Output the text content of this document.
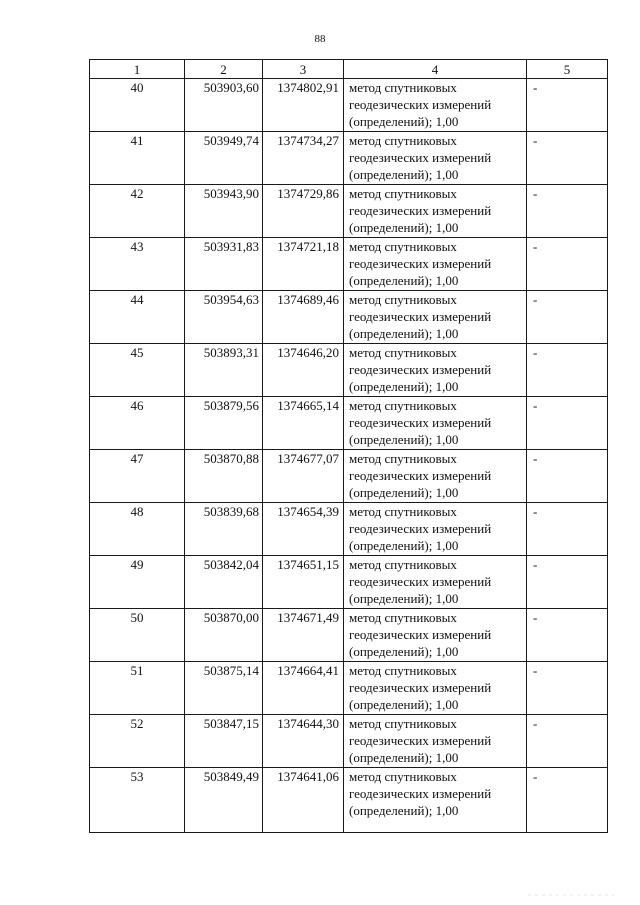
88
1	2	3	4	5
40	503903,60	1374802,91	метод спутниковых
геодезических измерений
(определений); 1,00	-
41	503949,74	1374734,27	метод спутниковых
геодезических измерений
(определений); 1,00	-
42	503943,90	1374729,86	метод спутниковых
геодезических измерений
(определений); 1,00	-
43	503931,83	1374721,18	метод спутниковых
геодезических измерений
(определений); 1,00	-
44	503954,63	1374689,46	метод спутниковых
геодезических измерений
(определений); 1,00	-
45	503893,31	1374646,20	метод спутниковых
геодезических измерений
(определений); 1,00	-
46	503879,56	1374665,14	метод спутниковых
геодезических измерений
(определений); 1,00	-
47	503870,88	1374677,07	метод спутниковых
геодезических измерений
(определений); 1,00	-
48	503839,68	1374654,39	метод спутниковых
геодезических измерений
(определений); 1,00	-
49	503842,04	1374651,15	метод спутниковых
геодезических измерений
(определений); 1,00	-
50	503870,00	1374671,49	метод спутниковых
геодезических измерений
(определений); 1,00	-
51	503875,14	1374664,41	метод спутниковых
геодезических измерений
(определений); 1,00	-
52	503847,15	1374644,30	метод спутниковых
геодезических измерений
(определений); 1,00	-
53	503849,49	1374641,06	метод спутниковых
геодезических измерений
(определений); 1,00	-
